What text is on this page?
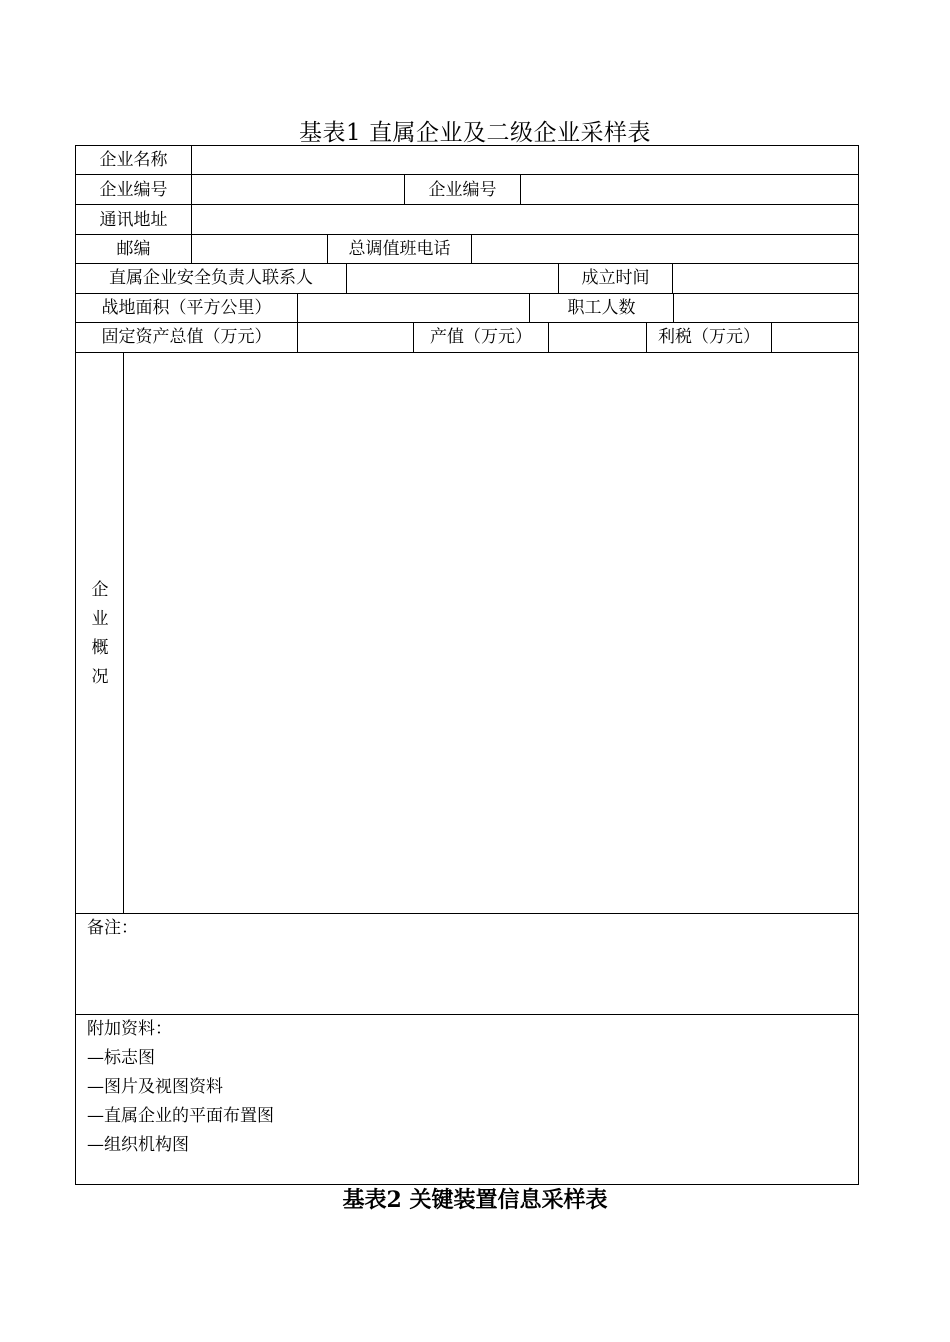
基表1 直属企业及二级企业采样表
企业名称
企业编号	企业编号
通讯地址
邮编	总调值班电话
直属企业安全负责人联系人	成立时间
战地面积（平方公里）	职工人数
固定资产总值（万元）	产值（万元）	利税（万元）
企
业
概
况
备注：
附加资料：
—标志图
—图片及视图资料
—直属企业的平面布置图
—组织机构图
基表2 关键装置信息采样表
